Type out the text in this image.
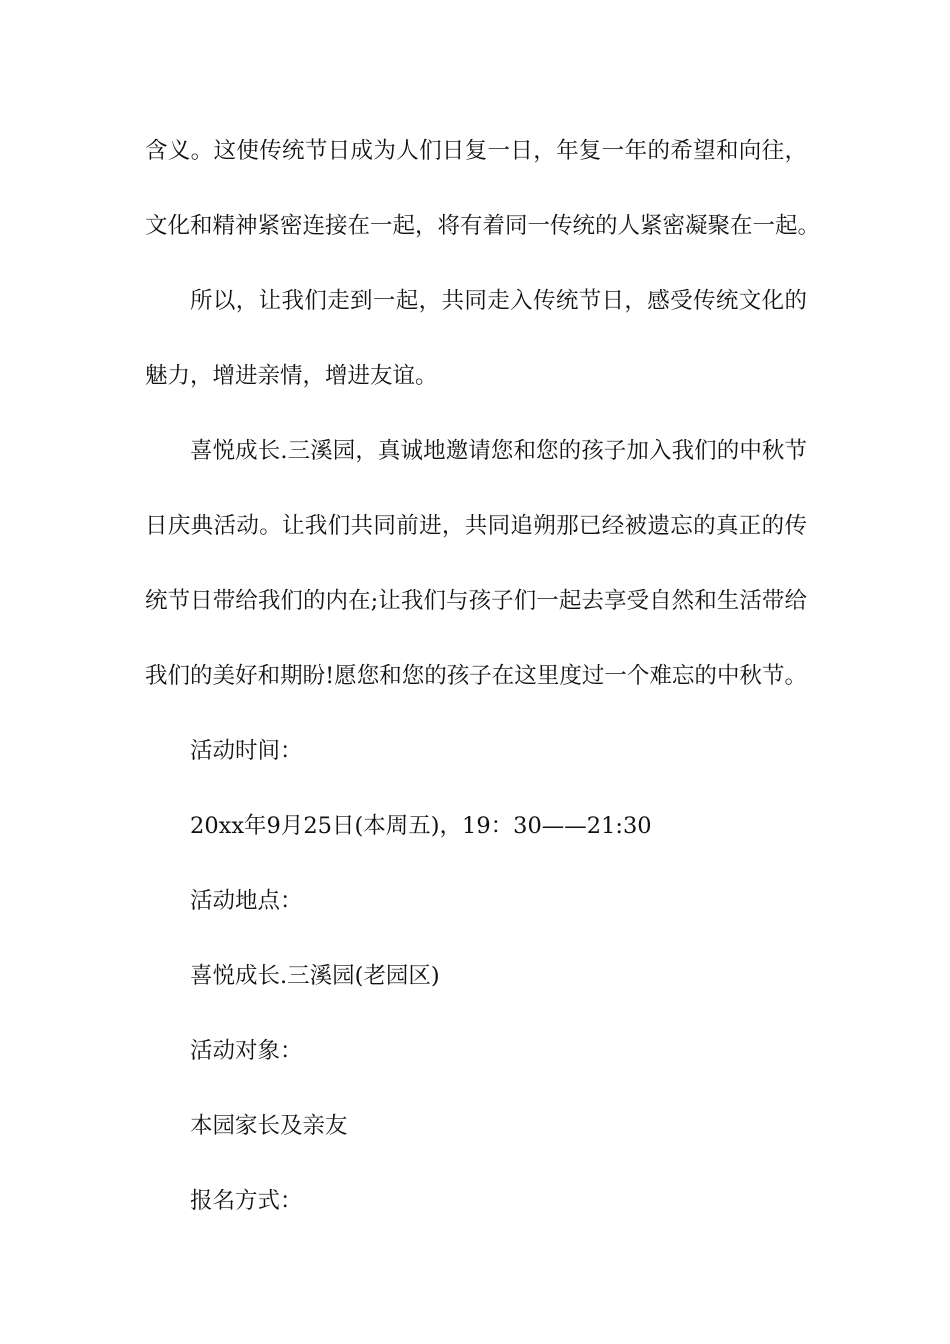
含义。这使传统节日成为人们日复一日，年复一年的希望和向往，
文化和精神紧密连接在一起，将有着同一传统的人紧密凝聚在一起。
所以，让我们走到一起，共同走入传统节日，感受传统文化的
魅力，增进亲情，增进友谊。
喜悦成长.三溪园，真诚地邀请您和您的孩子加入我们的中秋节
日庆典活动。让我们共同前进，共同追朔那已经被遗忘的真正的传
统节日带给我们的内在;让我们与孩子们一起去享受自然和生活带给
我们的美好和期盼!愿您和您的孩子在这里度过一个难忘的中秋节。
活动时间：
20xx年9月25日(本周五)，19：30——21:30
活动地点：
喜悦成长.三溪园(老园区)
活动对象：
本园家长及亲友
报名方式：
